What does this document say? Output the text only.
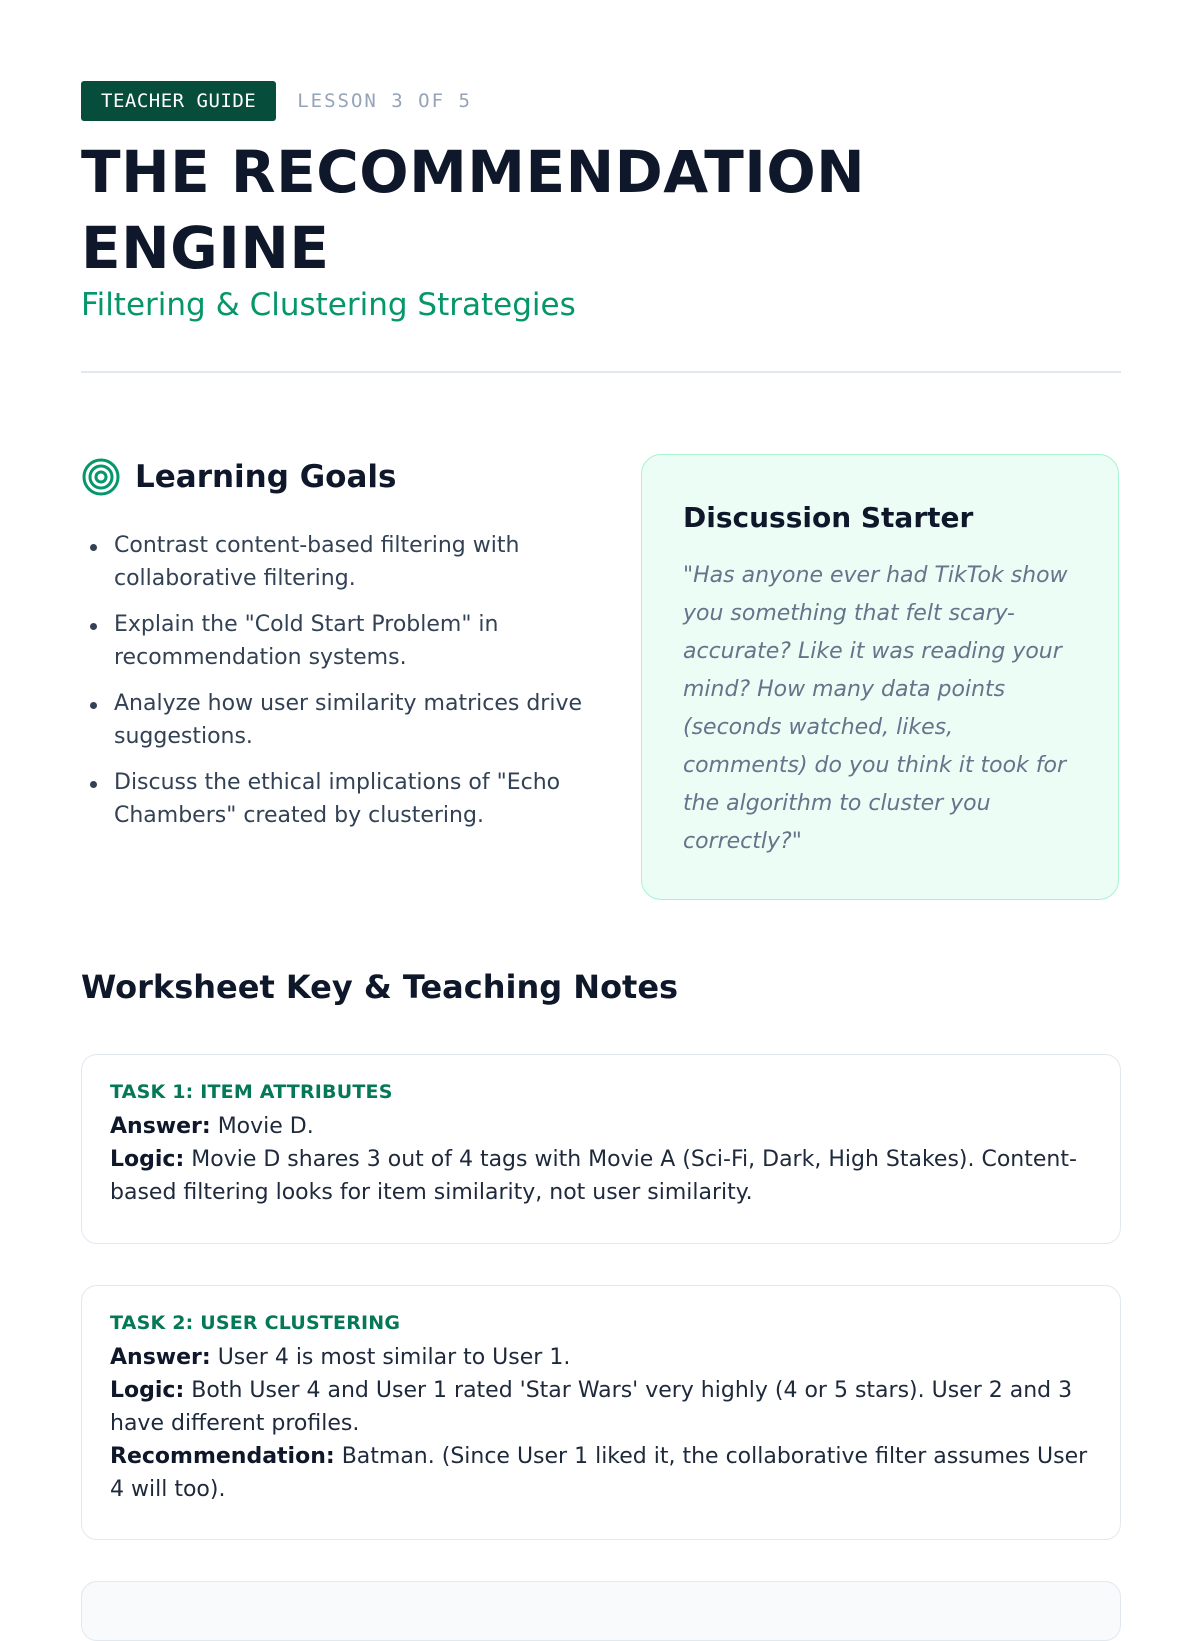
TEACHER GUIDE	LESSON 3 OF 5
THE RECOMMENDATION
ENGINE
Filtering & Clustering Strategies
Learning Goals
Contrast content-based filtering with collaborative filtering.
Explain the "Cold Start Problem" in recommendation systems.
Analyze how user similarity matrices drive suggestions.
Discuss the ethical implications of "Echo Chambers" created by clustering.
Discussion Starter
"Has anyone ever had TikTok show you something that felt scary-accurate? Like it was reading your mind? How many data points (seconds watched, likes, comments) do you think it took for the algorithm to cluster you correctly?"
Worksheet Key & Teaching Notes
TASK 1: ITEM ATTRIBUTES
Answer: Movie D.
Logic: Movie D shares 3 out of 4 tags with Movie A (Sci-Fi, Dark, High Stakes). Content-based filtering looks for item similarity, not user similarity.
TASK 2: USER CLUSTERING
Answer: User 4 is most similar to User 1.
Logic: Both User 4 and User 1 rated 'Star Wars' very highly (4 or 5 stars). User 2 and 3 have different profiles.
Recommendation: Batman. (Since User 1 liked it, the collaborative filter assumes User 4 will too).
